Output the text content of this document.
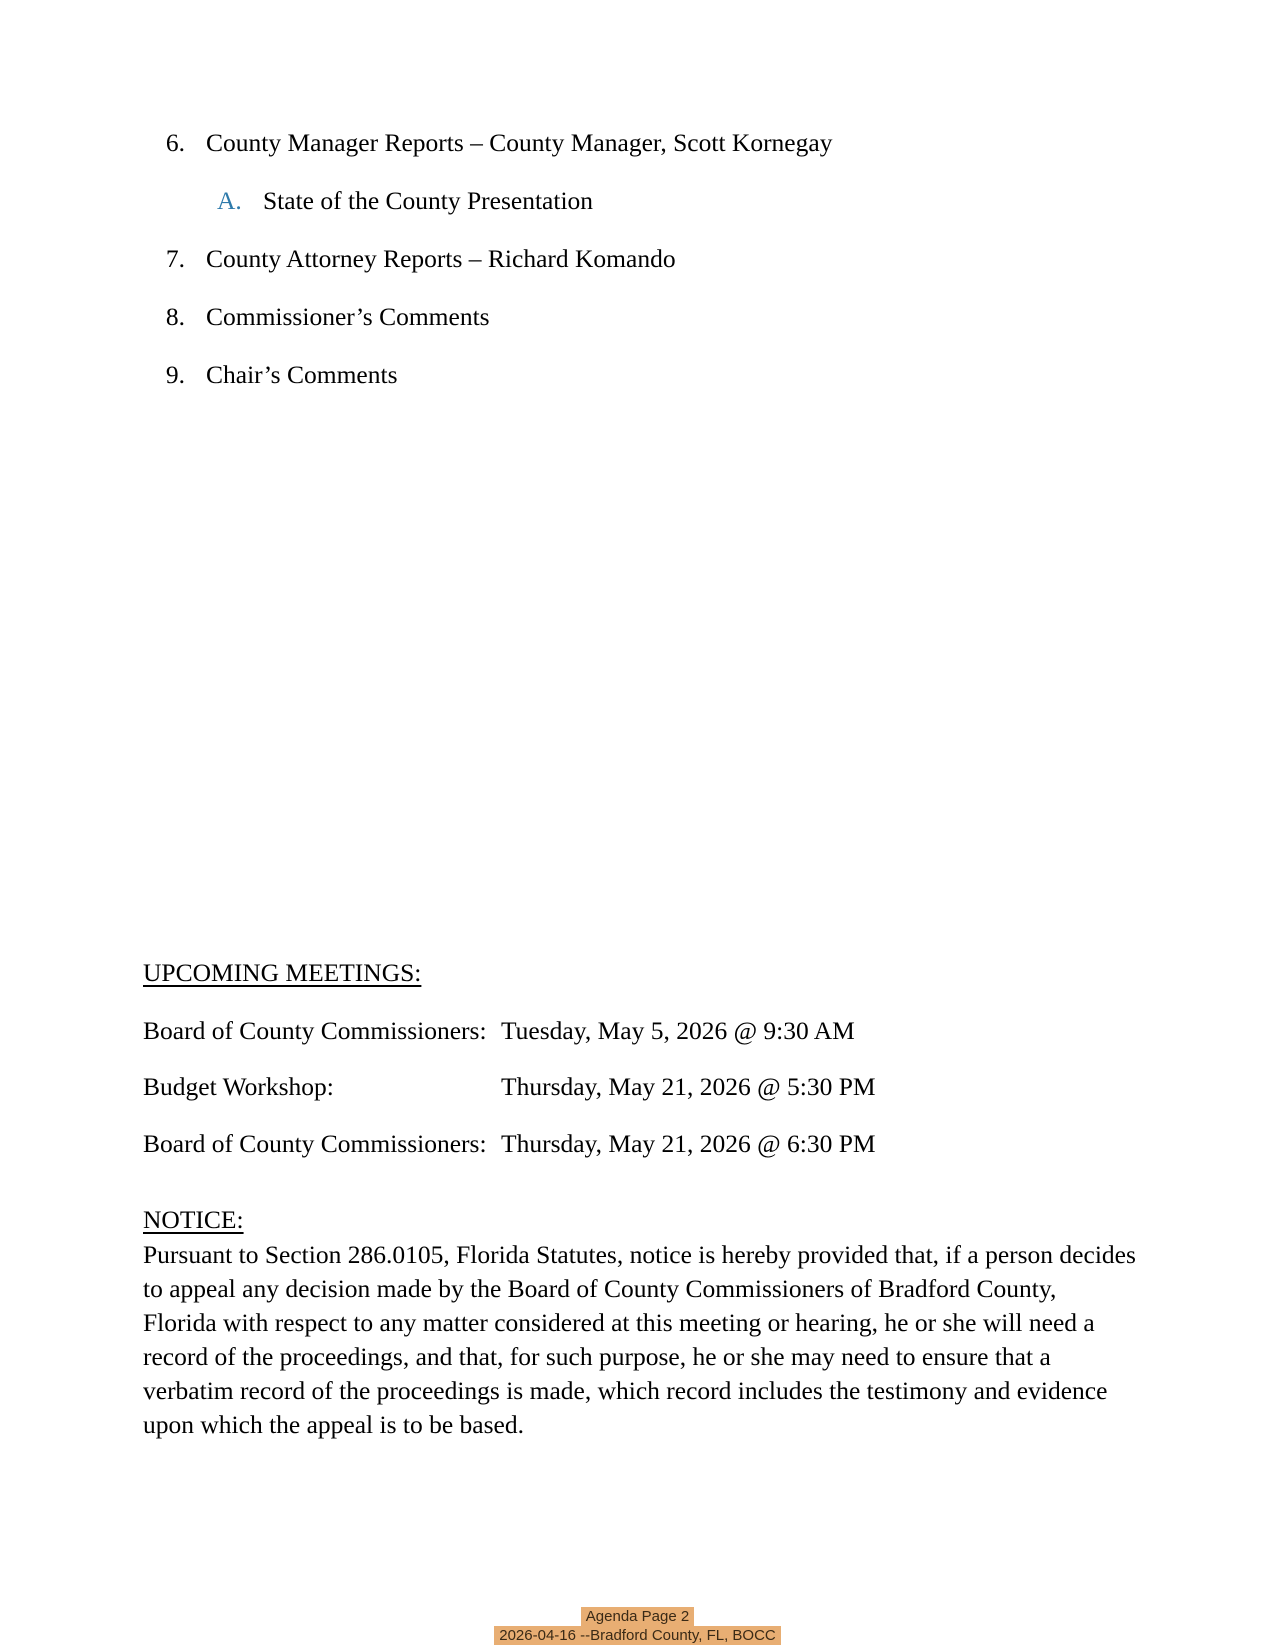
6. County Manager Reports – County Manager, Scott Kornegay
A. State of the County Presentation
7. County Attorney Reports – Richard Komando
8. Commissioner’s Comments
9. Chair’s Comments
UPCOMING MEETINGS:
Board of County Commissioners: Tuesday, May 5, 2026 @ 9:30 AM
Budget Workshop:	Thursday, May 21, 2026 @ 5:30 PM
Board of County Commissioners: Thursday, May 21, 2026 @ 6:30 PM
NOTICE:
Pursuant to Section 286.0105, Florida Statutes, notice is hereby provided that, if a person decides
to appeal any decision made by the Board of County Commissioners of Bradford County,
Florida with respect to any matter considered at this meeting or hearing, he or she will need a
record of the proceedings, and that, for such purpose, he or she may need to ensure that a
verbatim record of the proceedings is made, which record includes the testimony and evidence
upon which the appeal is to be based.
Agenda Page 2
2026-04-16 --Bradford County, FL, BOCC
